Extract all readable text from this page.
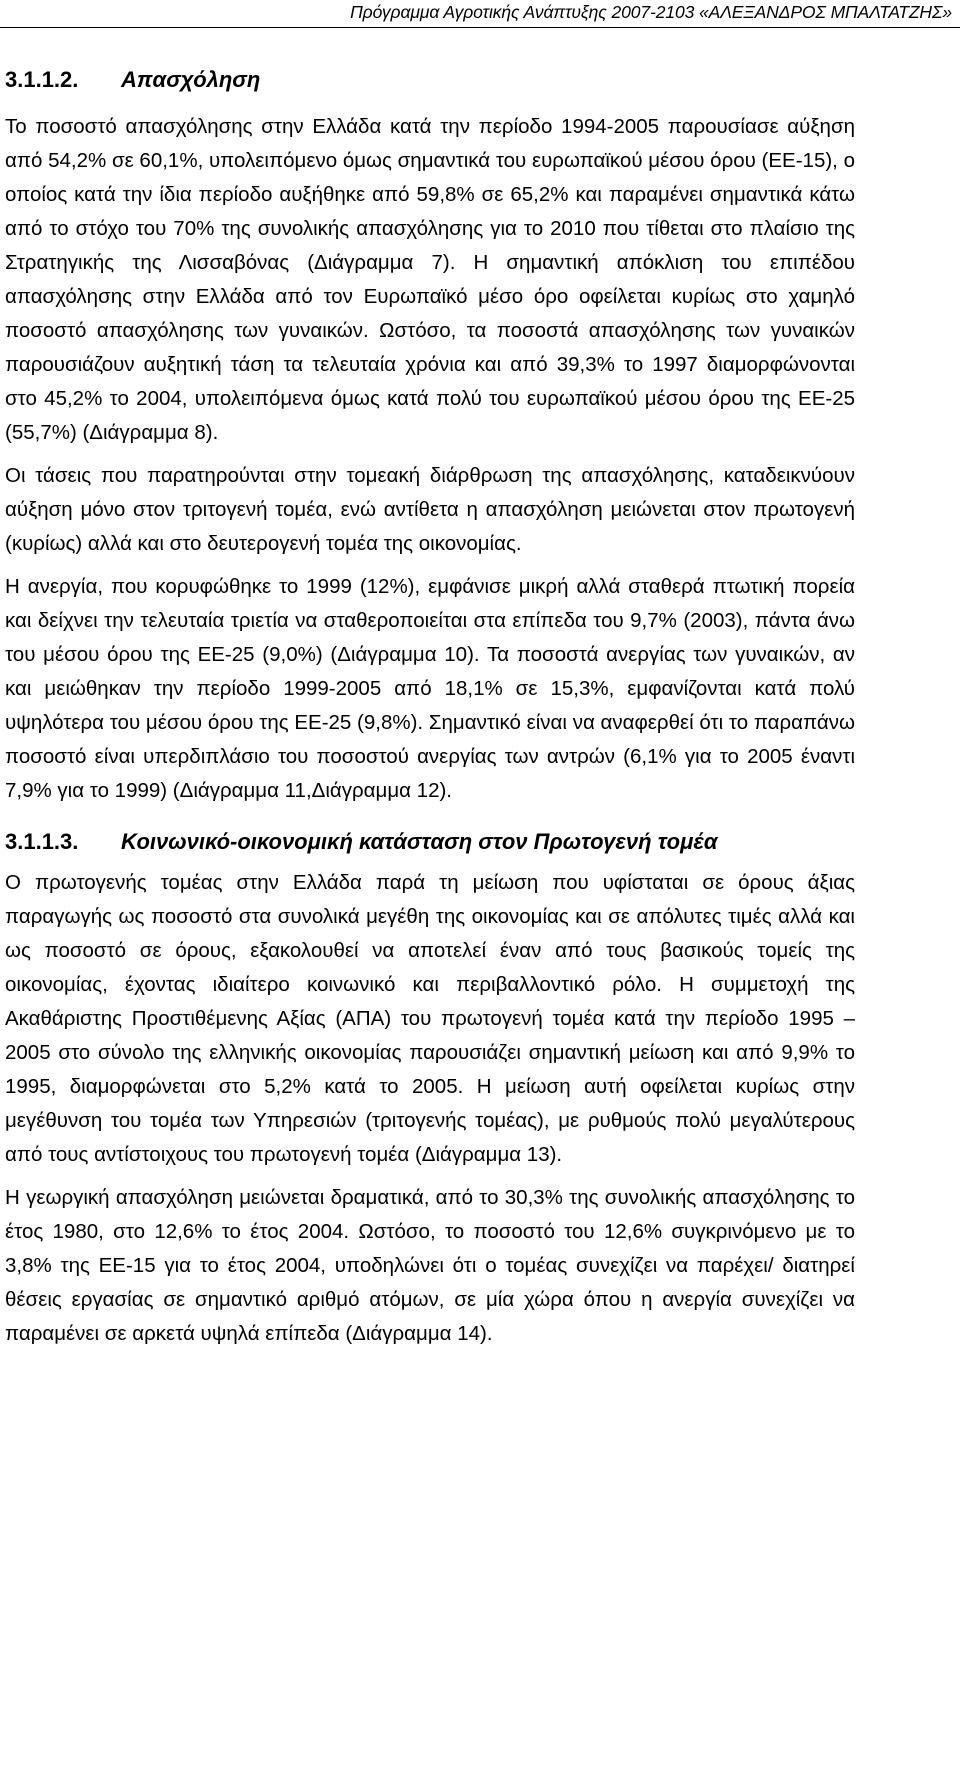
Πρόγραμμα Αγροτικής Ανάπτυξης 2007-2103 «ΑΛΕΞΑΝΔΡΟΣ ΜΠΑΛΤΑΤΖΗΣ»
3.1.1.2. Απασχόληση

Το ποσοστό απασχόλησης στην Ελλάδα κατά την περίοδο 1994-2005 παρουσίασε αύξηση από 54,2% σε 60,1%, υπολειπόμενο όμως σημαντικά του ευρωπαϊκού μέσου όρου (ΕΕ-15), ο οποίος κατά την ίδια περίοδο αυξήθηκε από 59,8% σε 65,2% και παραμένει σημαντικά κάτω από το στόχο του 70% της συνολικής απασχόλησης για το 2010 που τίθεται στο πλαίσιο της Στρατηγικής της Λισσαβόνας (Διάγραμμα 7). Η σημαντική απόκλιση του επιπέδου απασχόλησης στην Ελλάδα από τον Ευρωπαϊκό μέσο όρο οφείλεται κυρίως στο χαμηλό ποσοστό απασχόλησης των γυναικών. Ωστόσο, τα ποσοστά απασχόλησης των γυναικών παρουσιάζουν αυξητική τάση τα τελευταία χρόνια και από 39,3% το 1997 διαμορφώνονται στο 45,2% το 2004, υπολειπόμενα όμως κατά πολύ του ευρωπαϊκού μέσου όρου της ΕΕ-25 (55,7%) (Διάγραμμα 8).

Οι τάσεις που παρατηρούνται στην τομεακή διάρθρωση της απασχόλησης, καταδεικνύουν αύξηση μόνο στον τριτογενή τομέα, ενώ αντίθετα η απασχόληση μειώνεται στον πρωτογενή (κυρίως) αλλά και στο δευτερογενή τομέα της οικονομίας.

Η ανεργία, που κορυφώθηκε το 1999 (12%), εμφάνισε μικρή αλλά σταθερά πτωτική πορεία και δείχνει την τελευταία τριετία να σταθεροποιείται στα επίπεδα του 9,7% (2003), πάντα άνω του μέσου όρου της ΕΕ-25 (9,0%) (Διάγραμμα 10). Τα ποσοστά ανεργίας των γυναικών, αν και μειώθηκαν την περίοδο 1999-2005 από 18,1% σε 15,3%, εμφανίζονται κατά πολύ υψηλότερα του μέσου όρου της ΕΕ-25 (9,8%). Σημαντικό είναι να αναφερθεί ότι το παραπάνω ποσοστό είναι υπερδιπλάσιο του ποσοστού ανεργίας των αντρών (6,1% για το 2005 έναντι 7,9% για το 1999) (Διάγραμμα 11,Διάγραμμα 12).

3.1.1.3. Κοινωνικό-οικονομική κατάσταση στον Πρωτογενή τομέα

Ο πρωτογενής τομέας στην Ελλάδα παρά τη μείωση που υφίσταται σε όρους άξιας παραγωγής ως ποσοστό στα συνολικά μεγέθη της οικονομίας και σε απόλυτες τιμές αλλά και ως ποσοστό σε όρους, εξακολουθεί να αποτελεί έναν από τους βασικούς τομείς της οικονομίας, έχοντας ιδιαίτερο κοινωνικό και περιβαλλοντικό ρόλο. Η συμμετοχή της Ακαθάριστης Προστιθέμενης Αξίας (ΑΠΑ) του πρωτογενή τομέα κατά την περίοδο 1995 – 2005 στο σύνολο της ελληνικής οικονομίας παρουσιάζει σημαντική μείωση και από 9,9% το 1995, διαμορφώνεται στο 5,2% κατά το 2005. Η μείωση αυτή οφείλεται κυρίως στην μεγέθυνση του τομέα των Υπηρεσιών (τριτογενής τομέας), με ρυθμούς πολύ μεγαλύτερους από τους αντίστοιχους του πρωτογενή τομέα (Διάγραμμα 13).

Η γεωργική απασχόληση μειώνεται δραματικά, από το 30,3% της συνολικής απασχόλησης το έτος 1980, στο 12,6% το έτος 2004. Ωστόσο, το ποσοστό του 12,6% συγκρινόμενο με το 3,8% της ΕΕ-15 για το έτος 2004, υποδηλώνει ότι ο τομέας συνεχίζει να παρέχει/ διατηρεί θέσεις εργασίας σε σημαντικό αριθμό ατόμων, σε μία χώρα όπου η ανεργία συνεχίζει να παραμένει σε αρκετά υψηλά επίπεδα (Διάγραμμα 14).
